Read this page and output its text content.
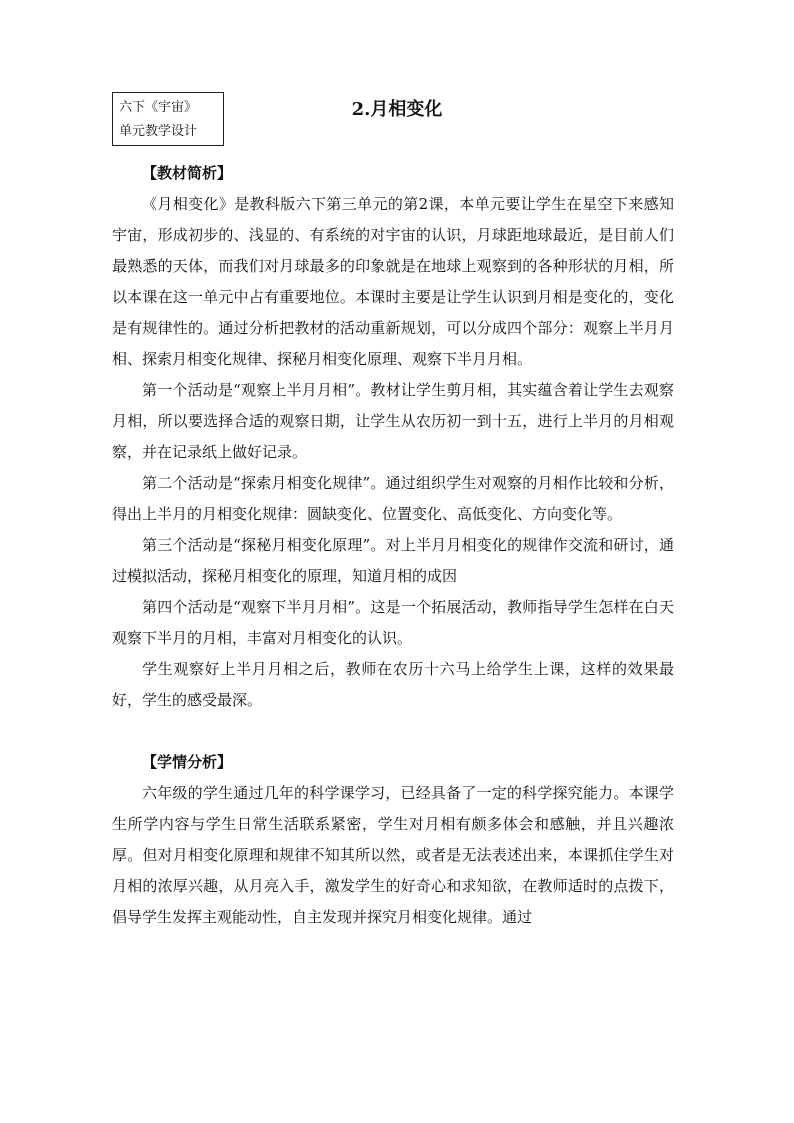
六下《宇宙》
单元教学设计
2.月相变化

【教材简析】

《月相变化》是教科版六下第三单元的第2课，本单元要让学生在星空下来感知宇宙，形成初步的、浅显的、有系统的对宇宙的认识，月球距地球最近，是目前人们最熟悉的天体，而我们对月球最多的印象就是在地球上观察到的各种形状的月相，所以本课在这一单元中占有重要地位。本课时主要是让学生认识到月相是变化的，变化是有规律性的。通过分析把教材的活动重新规划，可以分成四个部分：观察上半月月相、探索月相变化规律、探秘月相变化原理、观察下半月月相。

第一个活动是“观察上半月月相”。教材让学生剪月相，其实蕴含着让学生去观察月相，所以要选择合适的观察日期，让学生从农历初一到十五，进行上半月的月相观察，并在记录纸上做好记录。

第二个活动是“探索月相变化规律”。通过组织学生对观察的月相作比较和分析，得出上半月的月相变化规律：圆缺变化、位置变化、高低变化、方向变化等。

第三个活动是“探秘月相变化原理”。对上半月月相变化的规律作交流和研讨，通过模拟活动，探秘月相变化的原理，知道月相的成因

第四个活动是“观察下半月月相”。这是一个拓展活动，教师指导学生怎样在白天观察下半月的月相，丰富对月相变化的认识。

学生观察好上半月月相之后，教师在农历十六马上给学生上课，这样的效果最好，学生的感受最深。

【学情分析】

六年级的学生通过几年的科学课学习，已经具备了一定的科学探究能力。本课学生所学内容与学生日常生活联系紧密，学生对月相有颇多体会和感触，并且兴趣浓厚。但对月相变化原理和规律不知其所以然，或者是无法表述出来，本课抓住学生对月相的浓厚兴趣，从月亮入手，激发学生的好奇心和求知欲，在教师适时的点拨下，倡导学生发挥主观能动性，自主发现并探究月相变化规律。通过
